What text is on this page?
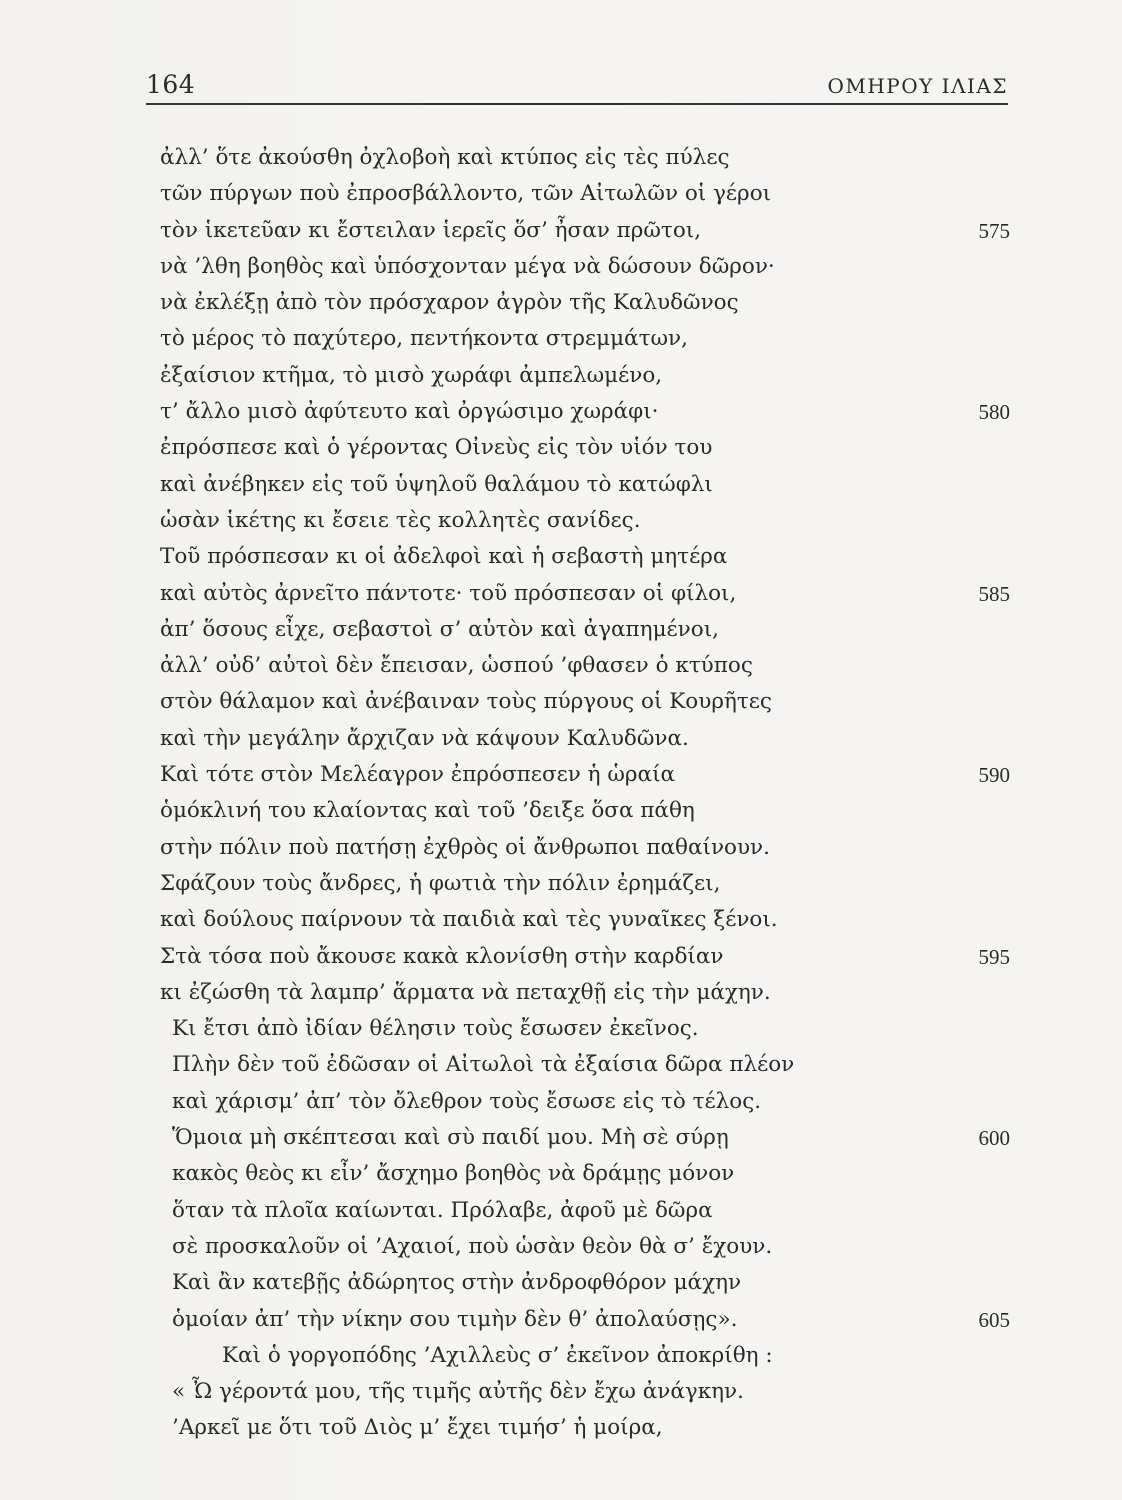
164	ΟΜΗΡΟΥ ΙΛΙΑΣ
ἀλλ’ ὅτε ἀκούσθη ὀχλοβοὴ καὶ κτύπος εἰς τὲς πύλες
τῶν πύργων ποὺ ἐπροσβάλλοντο, τῶν Αἰτωλῶν οἱ γέροι
τὸν ἱκετεῦαν κι ἔστειλαν ἱερεῖς ὅσ’ ἦσαν πρῶτοι,	575
νὰ ’λθη βοηθὸς καὶ ὑπόσχονταν μέγα νὰ δώσουν δῶρον·
νὰ ἐκλέξῃ ἀπὸ τὸν πρόσχαρον ἀγρὸν τῆς Καλυδῶνος
τὸ μέρος τὸ παχύτερο, πεντήκοντα στρεμμάτων,
ἐξαίσιον κτῆμα, τὸ μισὸ χωράφι ἀμπελωμένο,
τ’ ἄλλο μισὸ ἀφύτευτο καὶ ὀργώσιμο χωράφι·	580
ἐπρόσπεσε καὶ ὁ γέροντας Οἰνεὺς εἰς τὸν υἱόν του
καὶ ἀνέβηκεν εἰς τοῦ ὑψηλοῦ θαλάμου τὸ κατώφλι
ὡσὰν ἱκέτης κι ἔσειε τὲς κολλητὲς σανίδες.
Τοῦ πρόσπεσαν κι οἱ ἀδελφοὶ καὶ ἡ σεβαστὴ μητέρα
καὶ αὐτὸς ἀρνεῖτο πάντοτε· τοῦ πρόσπεσαν οἱ φίλοι,	585
ἀπ’ ὅσους εἶχε, σεβαστοὶ σ’ αὐτὸν καὶ ἀγαπημένοι,
ἀλλ’ οὐδ’ αὐτοὶ δὲν ἔπεισαν, ὡσπού ’φθασεν ὁ κτύπος
στὸν θάλαμον καὶ ἀνέβαιναν τοὺς πύργους οἱ Κουρῆτες
καὶ τὴν μεγάλην ἄρχιζαν νὰ κάψουν Καλυδῶνα.
Καὶ τότε στὸν Μελέαγρον ἐπρόσπεσεν ἡ ὡραία	590
ὁμόκλινή του κλαίοντας καὶ τοῦ ’δειξε ὅσα πάθη
στὴν πόλιν ποὺ πατήσῃ ἐχθρὸς οἱ ἄνθρωποι παθαίνουν.
Σφάζουν τοὺς ἄνδρες, ἡ φωτιὰ τὴν πόλιν ἐρημάζει,
καὶ δούλους παίρνουν τὰ παιδιὰ καὶ τὲς γυναῖκες ξένοι.
Στὰ τόσα ποὺ ἄκουσε κακὰ κλονίσθη στὴν καρδίαν	595
κι ἐζώσθη τὰ λαμπρ’ ἅρματα νὰ πεταχθῇ εἰς τὴν μάχην.
Κι ἔτσι ἀπὸ ἰδίαν θέλησιν τοὺς ἔσωσεν ἐκεῖνος.
Πλὴν δὲν τοῦ ἐδῶσαν οἱ Αἰτωλοὶ τὰ ἐξαίσια δῶρα πλέον
καὶ χάρισμ’ ἀπ’ τὸν ὄλεθρον τοὺς ἔσωσε εἰς τὸ τέλος.
Ὅμοια μὴ σκέπτεσαι καὶ σὺ παιδί μου. Μὴ σὲ σύρῃ	600
κακὸς θεὸς κι εἶν’ ἄσχημο βοηθὸς νὰ δράμῃς μόνον
ὅταν τὰ πλοῖα καίωνται. Πρόλαβε, ἀφοῦ μὲ δῶρα
σὲ προσκαλοῦν οἱ ’Αχαιοί, ποὺ ὡσὰν θεὸν θὰ σ’ ἔχουν.
Καὶ ἂν κατεβῇς ἀδώρητος στὴν ἀνδροφθόρον μάχην
ὁμοίαν ἀπ’ τὴν νίκην σου τιμὴν δὲν θ’ ἀπολαύσῃς».	605
Καὶ ὁ γοργοπόδης ’Αχιλλεὺς σ’ ἐκεῖνον ἀποκρίθη :
« Ὦ γέροντά μου, τῆς τιμῆς αὐτῆς δὲν ἔχω ἀνάγκην.
’Αρκεῖ με ὅτι τοῦ Διὸς μ’ ἔχει τιμήσ’ ἡ μοίρα,
